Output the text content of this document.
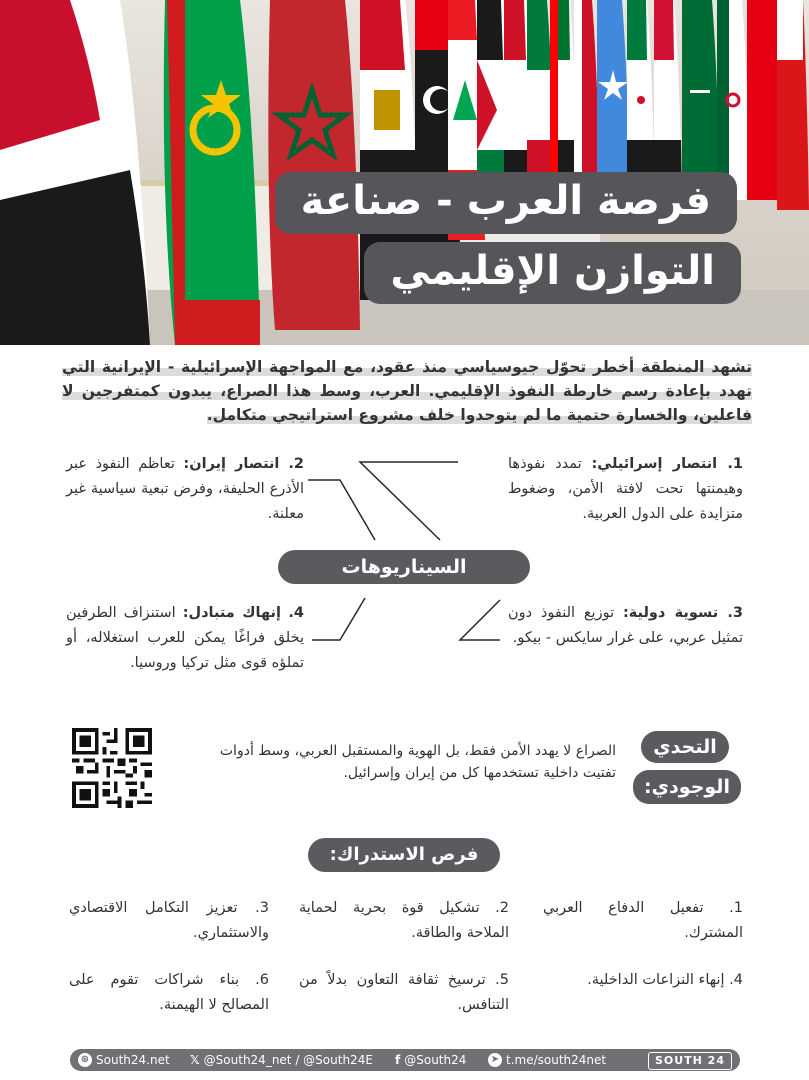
فرصة العرب - صناعة
التوازن الإقليمي
تشهد المنطقة أخطر تحوّل جيوسياسي منذ عقود، مع المواجهة الإسرائيلية - الإيرانية التي تهدد بإعادة رسم خارطة النفوذ الإقليمي. العرب، وسط هذا الصراع، يبدون كمتفرجين لا فاعلين، والخسارة حتمية ما لم يتوحدوا خلف مشروع استراتيجي متكامل.
1. انتصار إسرائيلي: تمدد نفوذها وهيمنتها تحت لافتة الأمن، وضغوط متزايدة على الدول العربية.
2. انتصار إيران: تعاظم النفوذ عبر الأذرع الحليفة، وفرض تبعية سياسية غير معلنة.
السيناريوهات
3. تسوية دولية: توزيع النفوذ دون تمثيل عربي، على غرار سايكس - بيكو.
4. إنهاك متبادل: استنزاف الطرفين يخلق فراغًا يمكن للعرب استغلاله، أو تملؤه قوى مثل تركيا وروسيا.
التحدي
الوجودي:
الصراع لا يهدد الأمن فقط، بل الهوية والمستقبل العربي، وسط أدوات تفتيت داخلية تستخدمها كل من إيران وإسرائيل.
فرص الاستدراك:
1. تفعيل الدفاع العربي المشترك.
2. تشكيل قوة بحرية لحماية الملاحة والطاقة.
3. تعزيز التكامل الاقتصادي والاستثماري.
4. إنهاء النزاعات الداخلية.
5. ترسيخ ثقافة التعاون بدلاً من التنافس.
6. بناء شراكات تقوم على المصالح لا الهيمنة.
⊕ South24.net 𝕏 @South24_net / @South24E f @South24 ➤ t.me/south24net	SOUTH 24
